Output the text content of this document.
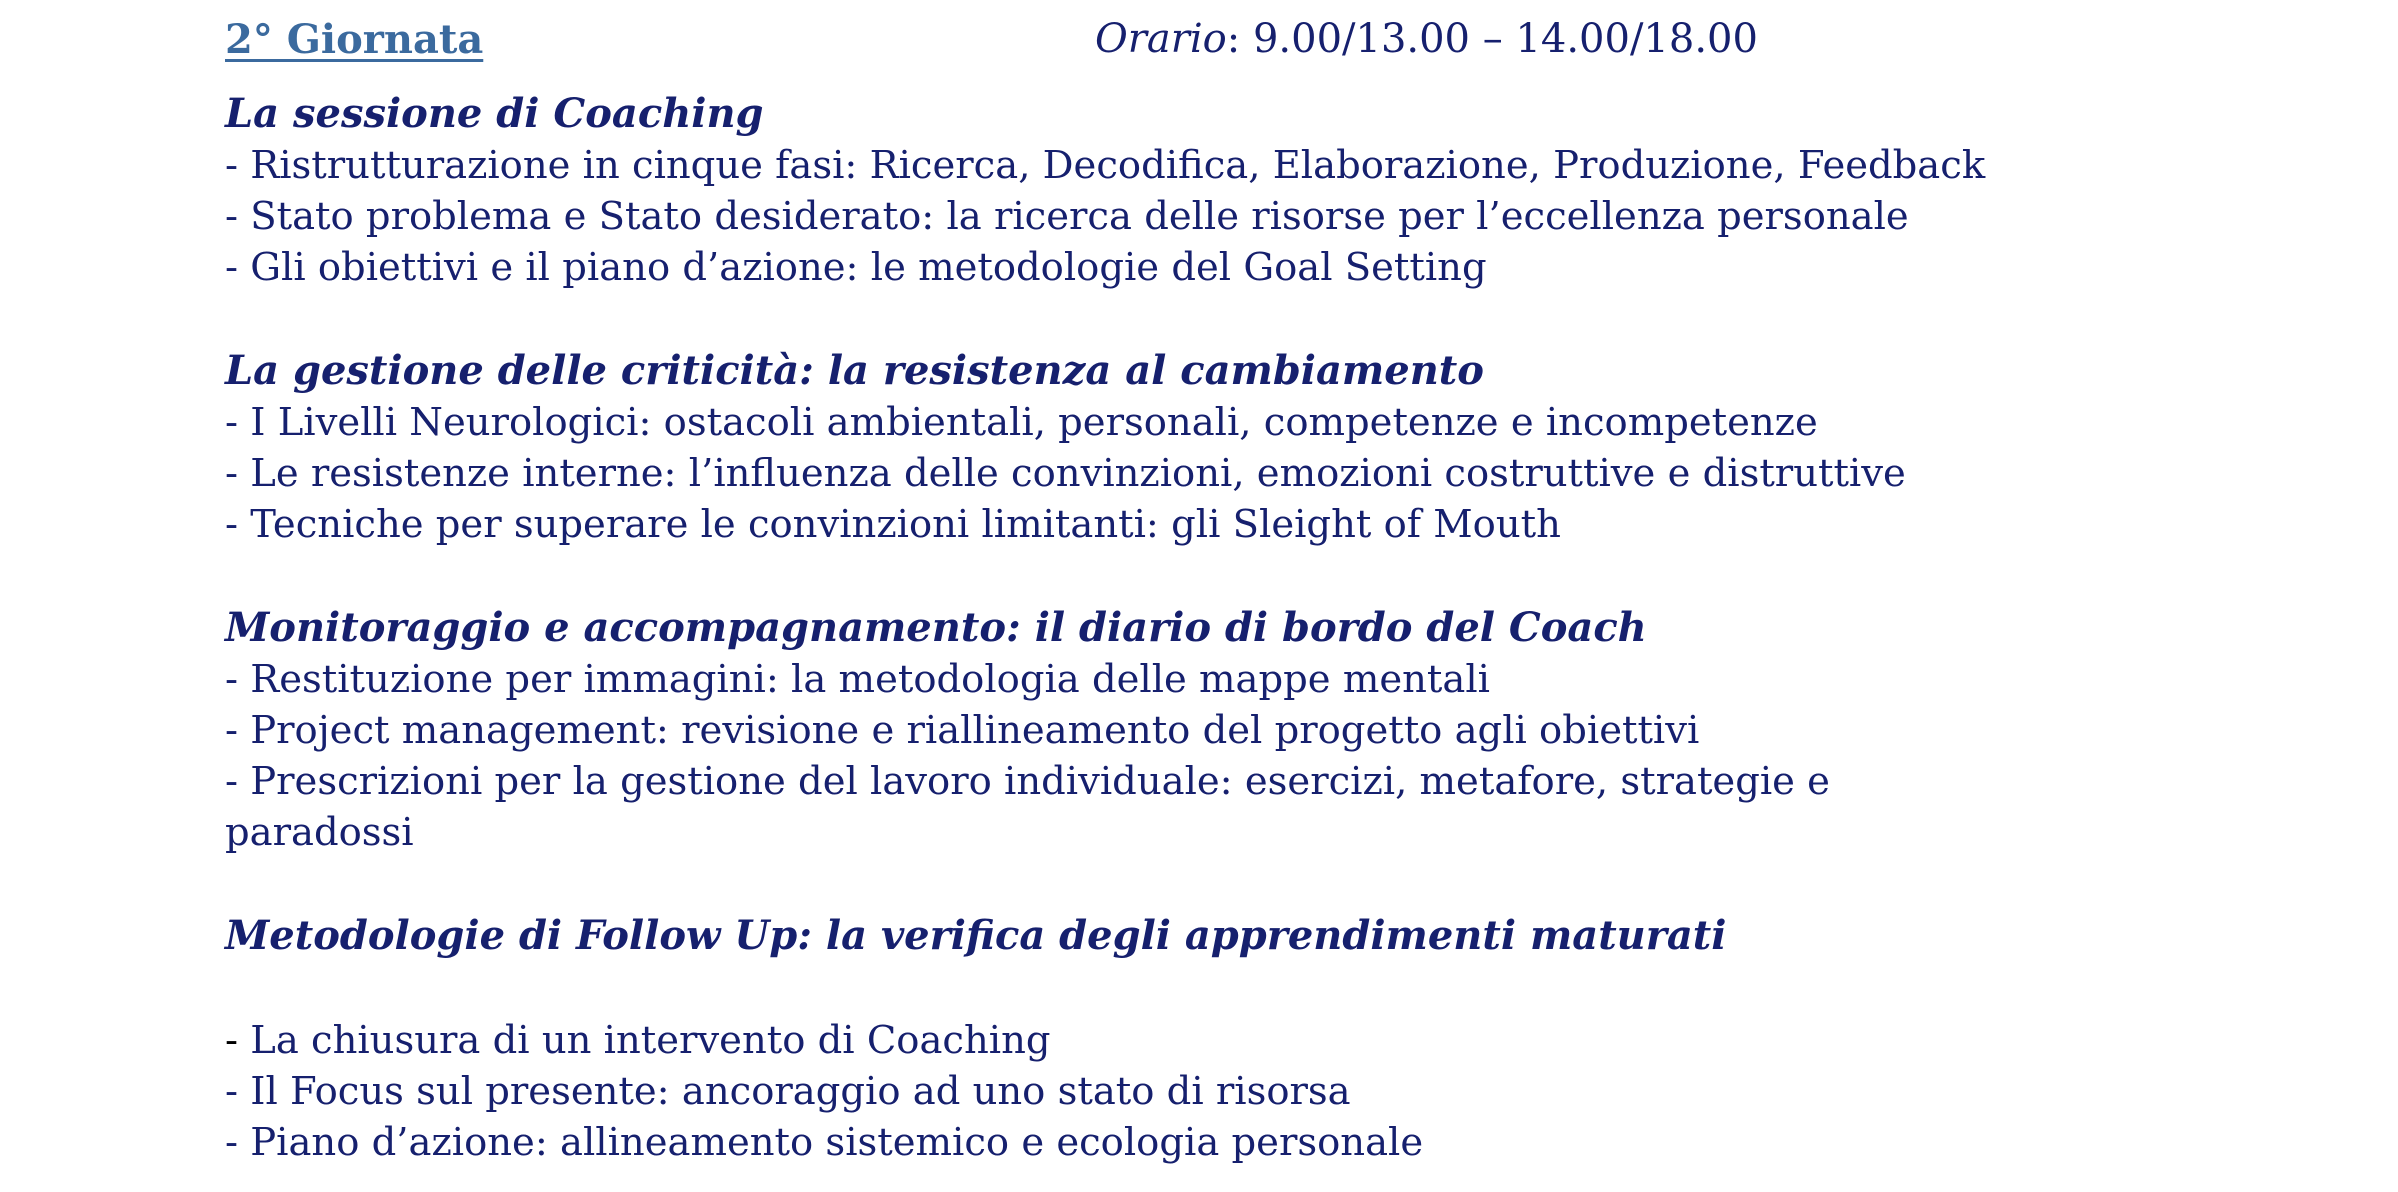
2° Giornata	Orario: 9.00/13.00 – 14.00/18.00
La sessione di Coaching
- Ristrutturazione in cinque fasi: Ricerca, Decodifica, Elaborazione, Produzione, Feedback
- Stato problema e Stato desiderato: la ricerca delle risorse per l’eccellenza personale
- Gli obiettivi e il piano d’azione: le metodologie del Goal Setting
La gestione delle criticità: la resistenza al cambiamento
- I Livelli Neurologici: ostacoli ambientali, personali, competenze e incompetenze
- Le resistenze interne: l’influenza delle convinzioni, emozioni costruttive e distruttive
- Tecniche per superare le convinzioni limitanti: gli Sleight of Mouth
Monitoraggio e accompagnamento: il diario di bordo del Coach
- Restituzione per immagini: la metodologia delle mappe mentali
- Project management: revisione e riallineamento del progetto agli obiettivi
- Prescrizioni per la gestione del lavoro individuale: esercizi, metafore, strategie e paradossi
Metodologie di Follow Up: la verifica degli apprendimenti maturati
- La chiusura di un intervento di Coaching
- Il Focus sul presente: ancoraggio ad uno stato di risorsa
- Piano d’azione: allineamento sistemico e ecologia personale
